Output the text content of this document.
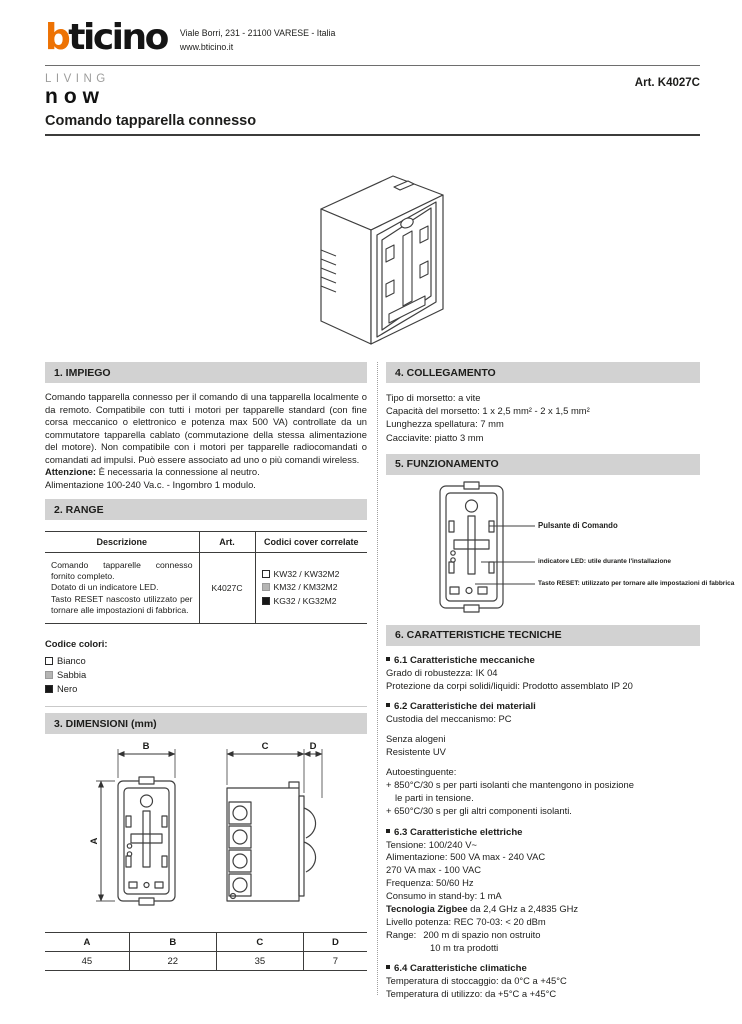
bticino Viale Borri, 231 - 21100 VARESE - Italia
www.bticino.it
LIVING
now
Art. K4027C
Comando tapparella connesso
1. IMPIEGO
Comando tapparella connesso per il comando di una tapparella localmente o da remoto. Compatibile con tutti i motori per tapparelle standard (con fine corsa meccanico o elettronico e potenza max 500 VA) controllate da un commutatore tapparella cablato (commutazione della stessa alimentazione del motore). Non compatibile con i motori per tapparelle radiocomandati o comandati ad impulsi. Può essere associato ad uno o più comandi wireless.
Attenzione: È necessaria la connessione al neutro.
Alimentazione 100-240 Va.c. - Ingombro 1 modulo.
2. RANGE
Descrizione	Art.	Codici cover correlate

Comando tapparelle connesso fornito completo.
Dotato di un indicatore LED.
Tasto RESET nascosto utilizzato per tornare alle impostazioni di fabbrica.
	K4027C	
KW32 / KW32M2
KM32 / KM32M2
KG32 / KG32M2
Codice colori:
Bianco
Sabbia
Nero
3. DIMENSIONI (mm)
B
A
C	D
A	B	C	D
45	22	35	7
4. COLLEGAMENTO
Tipo di morsetto: a vite
Capacità del morsetto: 1 x 2,5 mm² - 2 x 1,5 mm²
Lunghezza spellatura: 7 mm
Cacciavite: piatto 3 mm
5. FUNZIONAMENTO
Pulsante di Comando
indicatore LED: utile durante l'installazione
Tasto RESET: utilizzato per tornare alle impostazioni di fabbrica
6. CARATTERISTICHE TECNICHE
6.1 Caratteristiche meccaniche
Grado di robustezza: IK 04
Protezione da corpi solidi/liquidi: Prodotto assemblato IP 20
6.2 Caratteristiche dei materiali
Custodia del meccanismo: PC
Senza alogeni
Resistente UV
Autoestinguente:
+ 850°C/30 s per parti isolanti che mantengono in posizione
le parti in tensione.
+ 650°C/30 s per gli altri componenti isolanti.
6.3 Caratteristiche elettriche
Tensione: 100/240 V~
Alimentazione: 500 VA max - 240 VAC
270 VA max - 100 VAC
Frequenza: 50/60 Hz
Consumo in stand-by: 1 mA
Tecnologia Zigbee da 2,4 GHz a 2,4835 GHz
Livello potenza: REC 70-03: < 20 dBm
Range: 200 m di spazio non ostruito
10 m tra prodotti
6.4 Caratteristiche climatiche
Temperatura di stoccaggio: da 0°C a +45°C
Temperatura di utilizzo: da +5°C a +45°C
